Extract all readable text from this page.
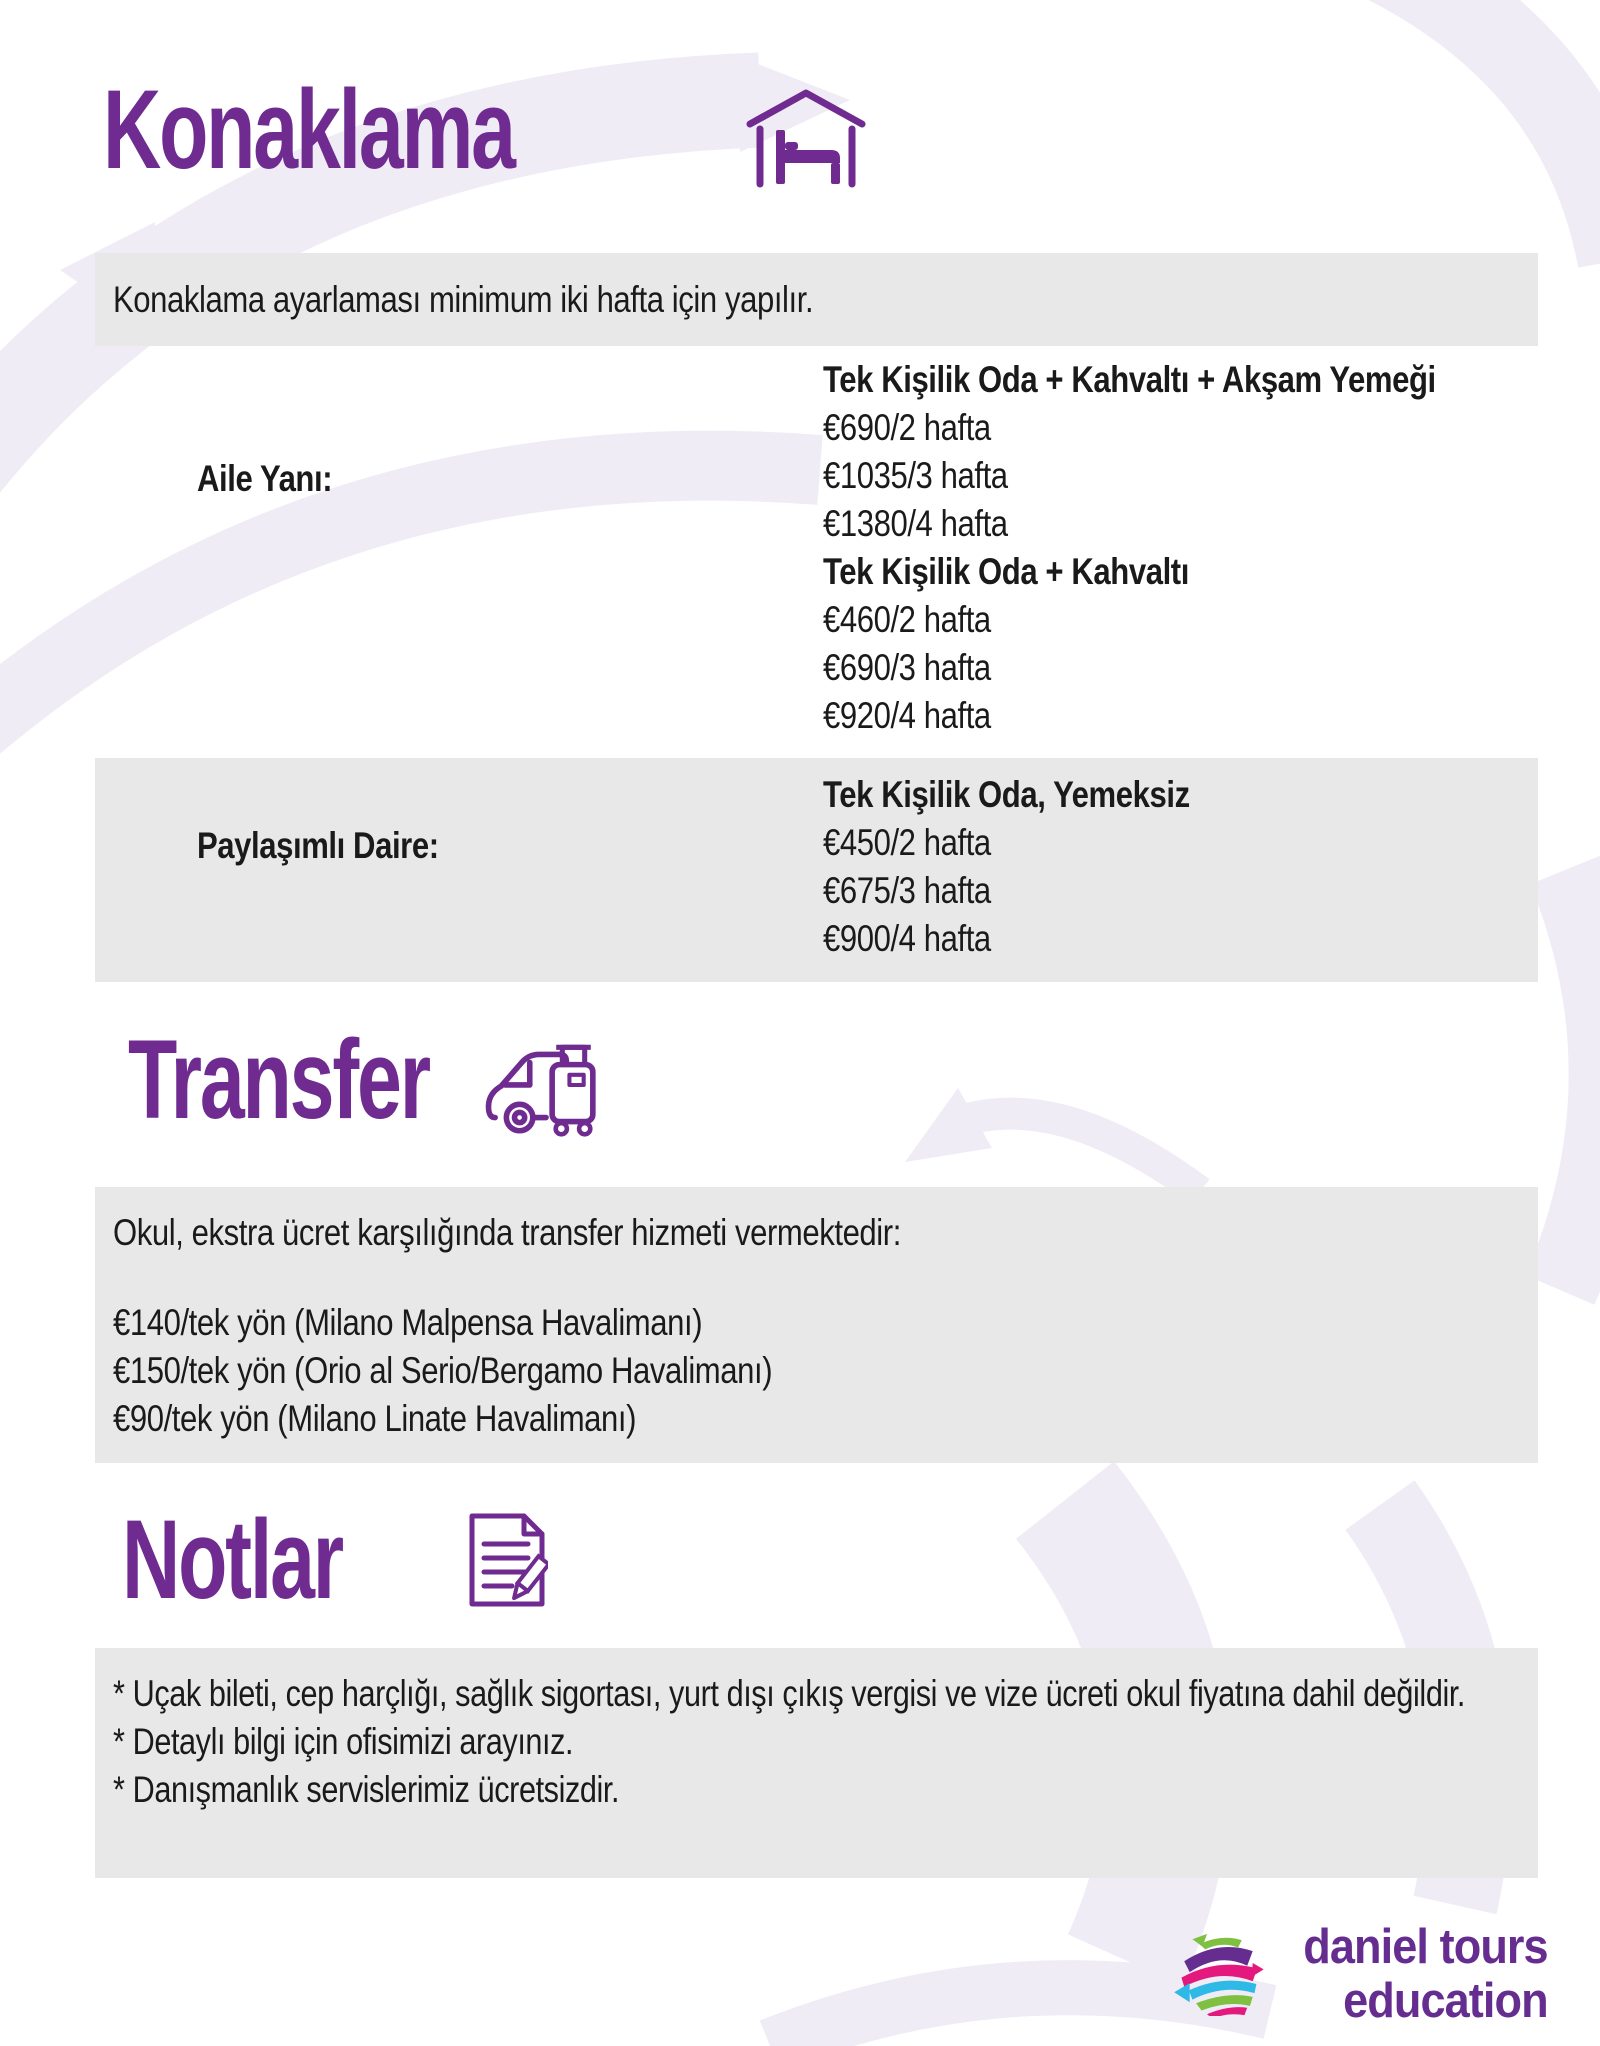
Konaklama

Konaklama ayarlaması minimum iki hafta için yapılır.

Aile Yanı:

Tek Kişilik Oda + Kahvaltı + Akşam Yemeği

€690/2 hafta

€1035/3 hafta

€1380/4 hafta

Tek Kişilik Oda + Kahvaltı

€460/2 hafta

€690/3 hafta

€920/4 hafta

Paylaşımlı Daire:

Tek Kişilik Oda, Yemeksiz

€450/2 hafta

€675/3 hafta

€900/4 hafta

Transfer

Okul, ekstra ücret karşılığında transfer hizmeti vermektedir:

€140/tek yön (Milano Malpensa Havalimanı)

€150/tek yön (Orio al Serio/Bergamo Havalimanı)

€90/tek yön (Milano Linate Havalimanı)

Notlar

* Uçak bileti, cep harçlığı, sağlık sigortası, yurt dışı çıkış vergisi ve vize ücreti okul fiyatına dahil değildir.

* Detaylı bilgi için ofisimizi arayınız.

* Danışmanlık servislerimiz ücretsizdir.

daniel tours
education
